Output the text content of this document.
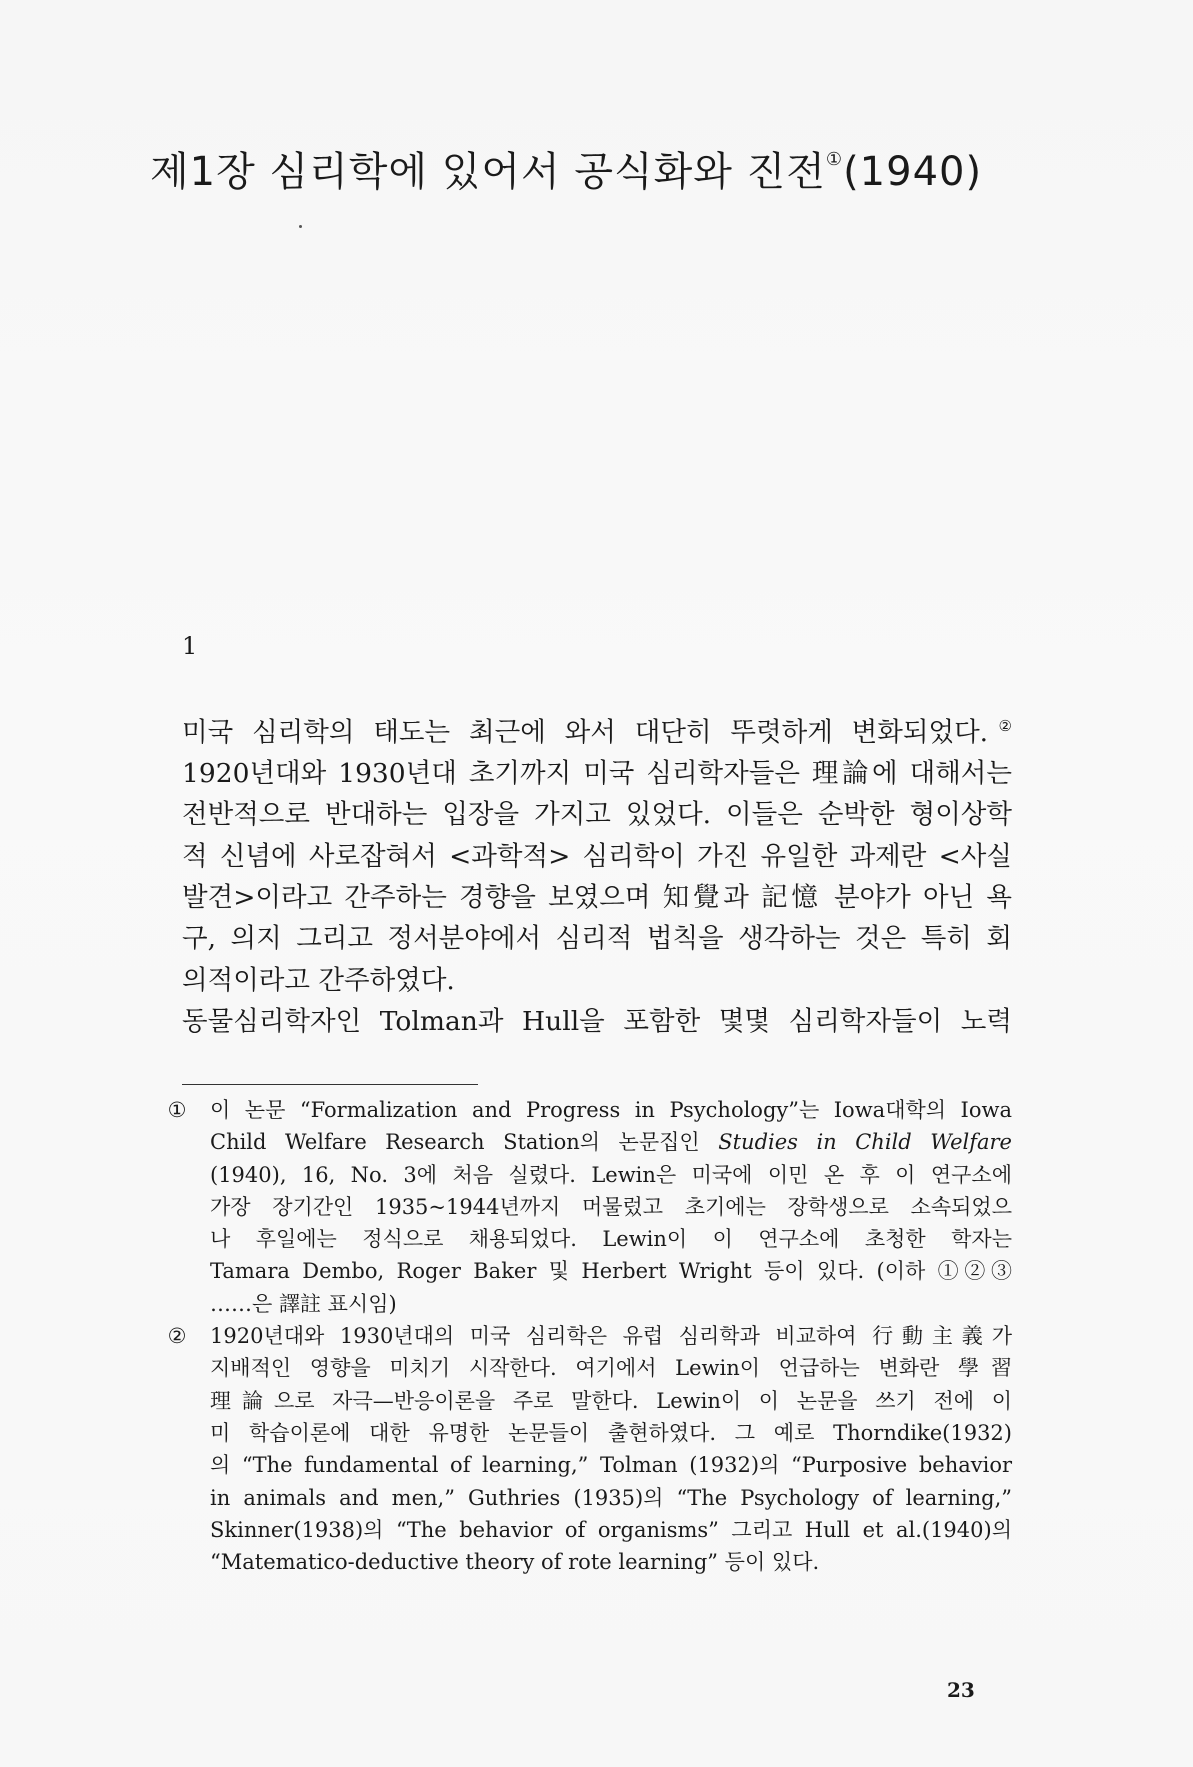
제1장 심리학에 있어서 공식화와 진전①(1940)
1
미국 심리학의 태도는 최근에 와서 대단히 뚜렷하게 변화되었다.②
1920년대와 1930년대 초기까지 미국 심리학자들은 理論에 대해서는
전반적으로 반대하는 입장을 가지고 있었다. 이들은 순박한 형이상학
적 신념에 사로잡혀서 <과학적> 심리학이 가진 유일한 과제란 <사실
발견>이라고 간주하는 경향을 보였으며 知覺과 記憶 분야가 아닌 욕
구, 의지 그리고 정서분야에서 심리적 법칙을 생각하는 것은 특히 회
의적이라고 간주하였다.
동물심리학자인 Tolman과 Hull을 포함한 몇몇 심리학자들이 노력
①	이 논문 “Formalization and Progress in Psychology”는 Iowa대학의 Iowa
Child Welfare Research Station의 논문집인 Studies in Child Welfare
(1940), 16, No. 3에 처음 실렸다. Lewin은 미국에 이민 온 후 이 연구소에
가장 장기간인 1935~1944년까지 머물렀고 초기에는 장학생으로 소속되었으
나 후일에는 정식으로 채용되었다. Lewin이 이 연구소에 초청한 학자는
Tamara Dembo, Roger Baker 및 Herbert Wright 등이 있다. (이하 ①②③
……은 譯註 표시임)
②	1920년대와 1930년대의 미국 심리학은 유럽 심리학과 비교하여 行動主義가
지배적인 영향을 미치기 시작한다. 여기에서 Lewin이 언급하는 변화란 學習
理論으로 자극—반응이론을 주로 말한다. Lewin이 이 논문을 쓰기 전에 이
미 학습이론에 대한 유명한 논문들이 출현하였다. 그 예로 Thorndike(1932)
의 “The fundamental of learning,” Tolman (1932)의 “Purposive behavior
in animals and men,” Guthries (1935)의 “The Psychology of learning,”
Skinner(1938)의 “The behavior of organisms” 그리고 Hull et al.(1940)의
“Matematico-deductive theory of rote learning” 등이 있다.
23
